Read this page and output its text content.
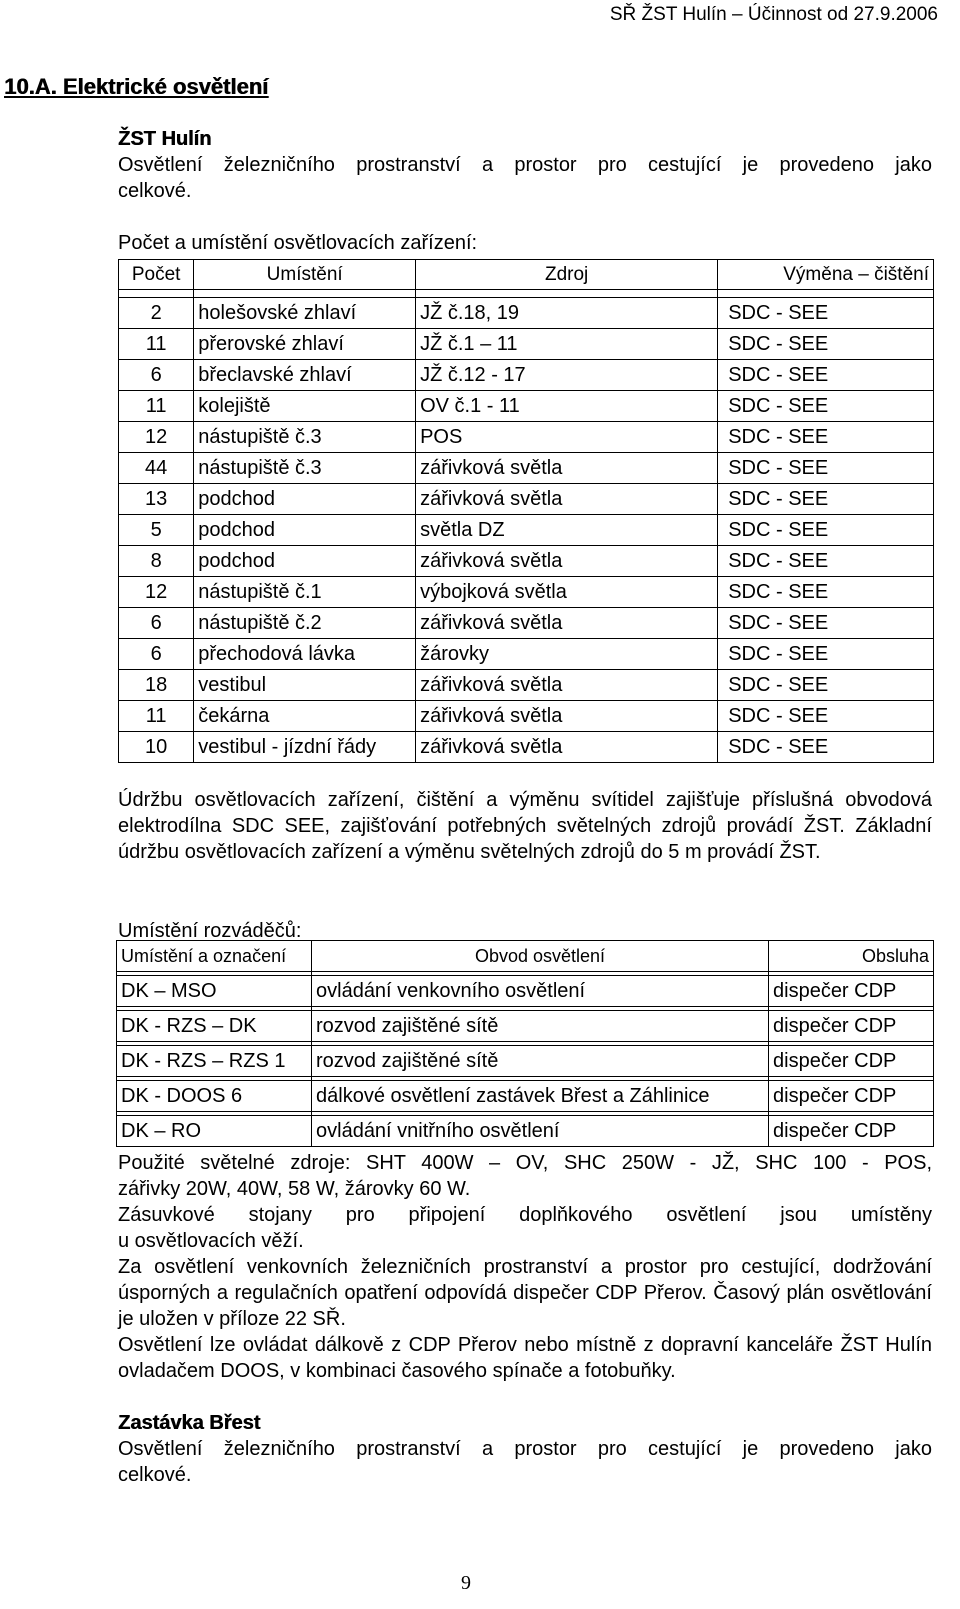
SŘ ŽST Hulín – Účinnost od 27.9.2006
10.A. Elektrické osvětlení
ŽST Hulín
Osvětlení železničního prostranství a prostor pro cestující je provedeno jako
celkové.
Počet a umístění osvětlovacích zařízení:
Počet	Umístění	Zdroj	Výměna – čištění

2	holešovské zhlaví	JŽ č.18, 19	SDC - SEE
11	přerovské zhlaví	JŽ č.1 – 11	SDC - SEE
6	břeclavské zhlaví	JŽ č.12 - 17	SDC - SEE
11	kolejiště	OV č.1 - 11	SDC - SEE
12	nástupiště č.3	POS	SDC - SEE
44	nástupiště č.3	zářivková světla	SDC - SEE
13	podchod	zářivková světla	SDC - SEE
5	podchod	světla DZ	SDC - SEE
8	podchod	zářivková světla	SDC - SEE
12	nástupiště č.1	výbojková světla	SDC - SEE
6	nástupiště č.2	zářivková světla	SDC - SEE
6	přechodová lávka	žárovky	SDC - SEE
18	vestibul	zářivková světla	SDC - SEE
11	čekárna	zářivková světla	SDC - SEE
10	vestibul - jízdní řády	zářivková světla	SDC - SEE
Údržbu osvětlovacích zařízení, čištění a výměnu svítidel zajišťuje příslušná obvodová elektrodílna SDC SEE, zajišťování potřebných světelných zdrojů provádí ŽST. Základní údržbu osvětlovacích zařízení a výměnu světelných zdrojů do 5 m provádí ŽST.
Umístění rozváděčů:
Umístění a označení	Obvod osvětlení	Obsluha

DK – MSO	ovládání venkovního osvětlení	dispečer CDP

DK - RZS – DK	rozvod zajištěné sítě	dispečer CDP

DK - RZS – RZS 1	rozvod zajištěné sítě	dispečer CDP

DK - DOOS 6	dálkové osvětlení zastávek Břest a Záhlinice	dispečer CDP

DK – RO	ovládání vnitřního osvětlení	dispečer CDP
Použité světelné zdroje: SHT 400W – OV, SHC 250W - JŽ, SHC 100 - POS,
zářivky 20W, 40W, 58 W, žárovky 60 W.
Zásuvkové stojany pro připojení doplňkového osvětlení jsou umístěny
u osvětlovacích věží.
Za osvětlení venkovních železničních prostranství a prostor pro cestující, dodržování úsporných a regulačních opatření odpovídá dispečer CDP Přerov. Časový plán osvětlování je uložen v příloze 22 SŘ.
Osvětlení lze ovládat dálkově z CDP Přerov nebo místně z dopravní kanceláře ŽST Hulín ovladačem DOOS, v kombinaci časového spínače a fotobuňky.
Zastávka Břest
Osvětlení železničního prostranství a prostor pro cestující je provedeno jako
celkové.
9
